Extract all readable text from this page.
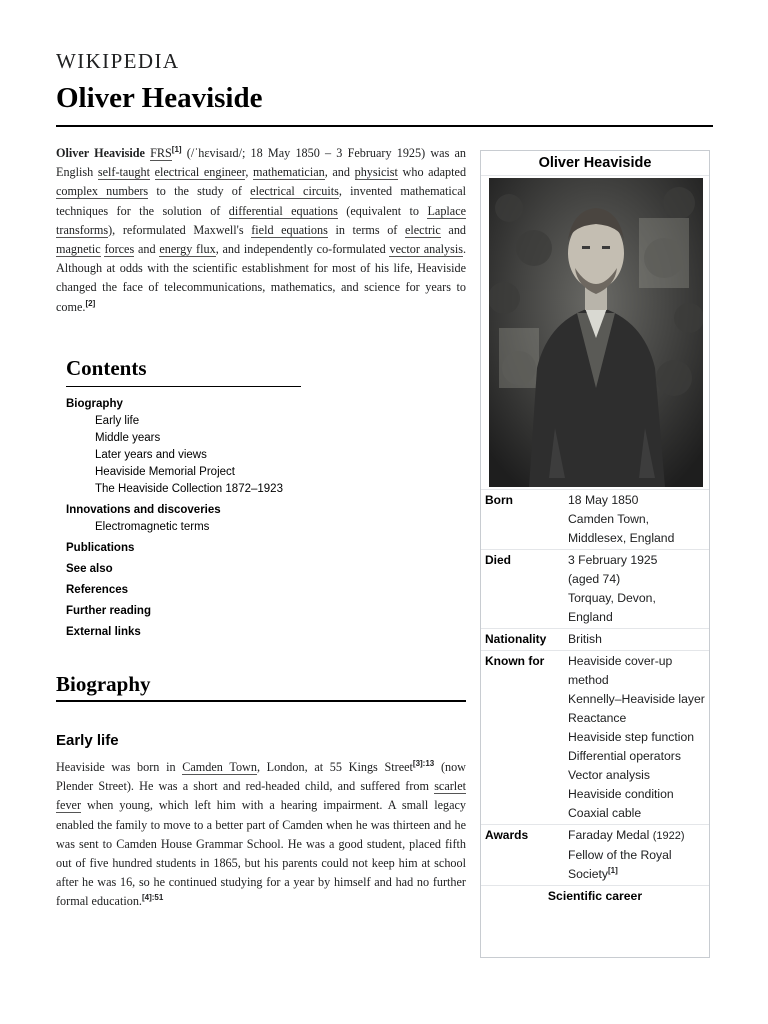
WIKIPEDIA
Oliver Heaviside

Oliver Heaviside FRS[1] (/ˈhɛvisaɪd/; 18 May 1850 – 3 February 1925) was an English self-taught electrical engineer, mathematician, and physicist who adapted complex numbers to the study of electrical circuits, invented mathematical techniques for the solution of differential equations (equivalent to Laplace transforms), reformulated Maxwell's field equations in terms of electric and magnetic forces and energy flux, and independently co-formulated vector analysis. Although at odds with the scientific establishment for most of his life, Heaviside changed the face of telecommunications, mathematics, and science for years to come.[2]

Contents
Biography
Early life
Middle years
Later years and views
Heaviside Memorial Project
The Heaviside Collection 1872–1923
Innovations and discoveries
Electromagnetic terms
Publications
See also
References
Further reading
External links
Biography
Early life

Heaviside was born in Camden Town, London, at 55 Kings Street$^{[3]:13}$ (now Plender Street). He was a short and red-headed child, and suffered from scarlet fever when young, which left him with a hearing impairment. A small legacy enabled the family to move to a better part of Camden when he was thirteen and he was sent to Camden House Grammar School. He was a good student, placed fifth out of five hundred students in 1865, but his parents could not keep him at school after he was 16, so he continued studying for a year by himself and had no further formal education.$^{[4]:51}$

Oliver Heaviside
Born	18 May 1850
Camden Town,
Middlesex, England
Died	3 February 1925
(aged 74)
Torquay, Devon,
England
Nationality	British
Known for	Heaviside cover-up method
Kennelly–Heaviside layer
Reactance
Heaviside step function
Differential operators
Vector analysis
Heaviside condition
Coaxial cable
Awards	Faraday Medal (1922)
Fellow of the Royal Society[1]
Scientific career
